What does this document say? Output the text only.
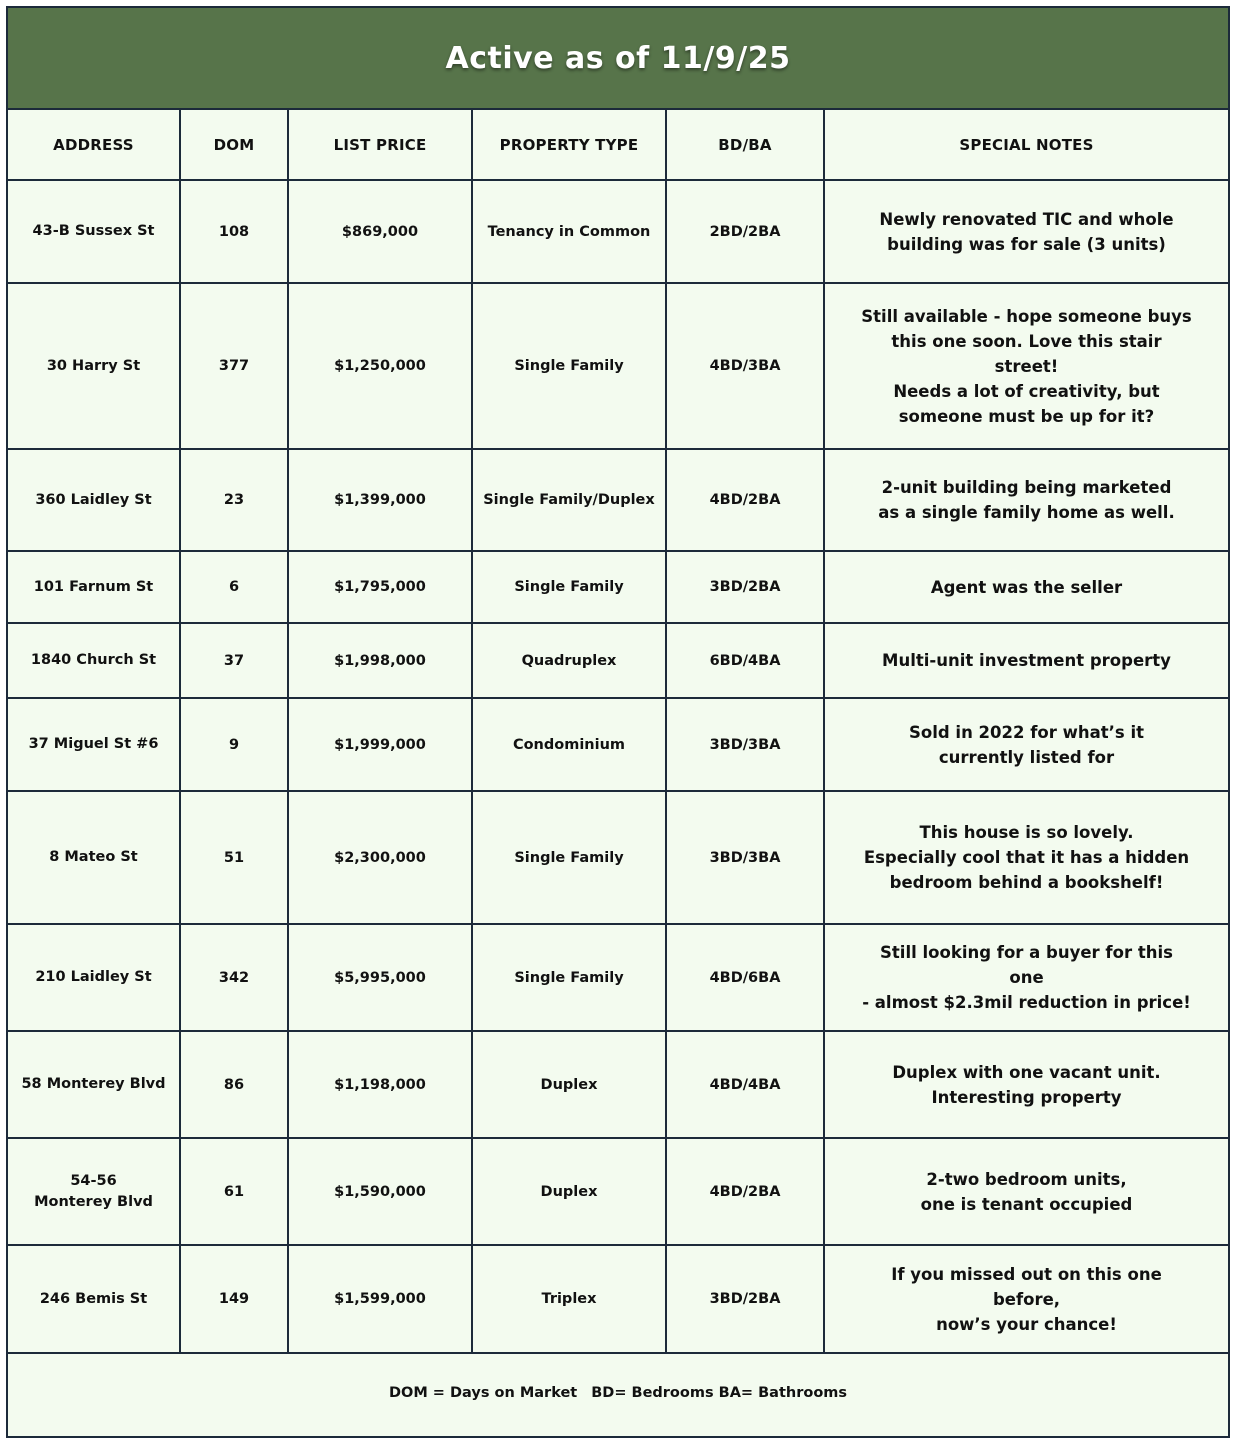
Active as of 11/9/25
ADDRESS	DOM	LIST PRICE	PROPERTY TYPE	BD/BA	SPECIAL NOTES
43-B Sussex St	108	$869,000	Tenancy in Common	2BD/2BA	Newly renovated TIC and whole
building was for sale (3 units)
30 Harry St	377	$1,250,000	Single Family	4BD/3BA	Still available - hope someone buys
this one soon. Love this stair street!
Needs a lot of creativity, but
someone must be up for it?
360 Laidley St	23	$1,399,000	Single Family/Duplex	4BD/2BA	2-unit building being marketed
as a single family home as well.
101 Farnum St	6	$1,795,000	Single Family	3BD/2BA	Agent was the seller
1840 Church St	37	$1,998,000	Quadruplex	6BD/4BA	Multi-unit investment property
37 Miguel St #6	9	$1,999,000	Condominium	3BD/3BA	Sold in 2022 for what’s it
currently listed for
8 Mateo St	51	$2,300,000	Single Family	3BD/3BA	This house is so lovely.
Especially cool that it has a hidden
bedroom behind a bookshelf!
210 Laidley St	342	$5,995,000	Single Family	4BD/6BA	Still looking for a buyer for this one
- almost $2.3mil reduction in price!
58 Monterey Blvd	86	$1,198,000	Duplex	4BD/4BA	Duplex with one vacant unit.
Interesting property
54-56
Monterey Blvd	61	$1,590,000	Duplex	4BD/2BA	2-two bedroom units,
one is tenant occupied
246 Bemis St	149	$1,599,000	Triplex	3BD/2BA	If you missed out on this one before,
now’s your chance!
DOM = Days on Market BD= Bedrooms BA= Bathrooms
